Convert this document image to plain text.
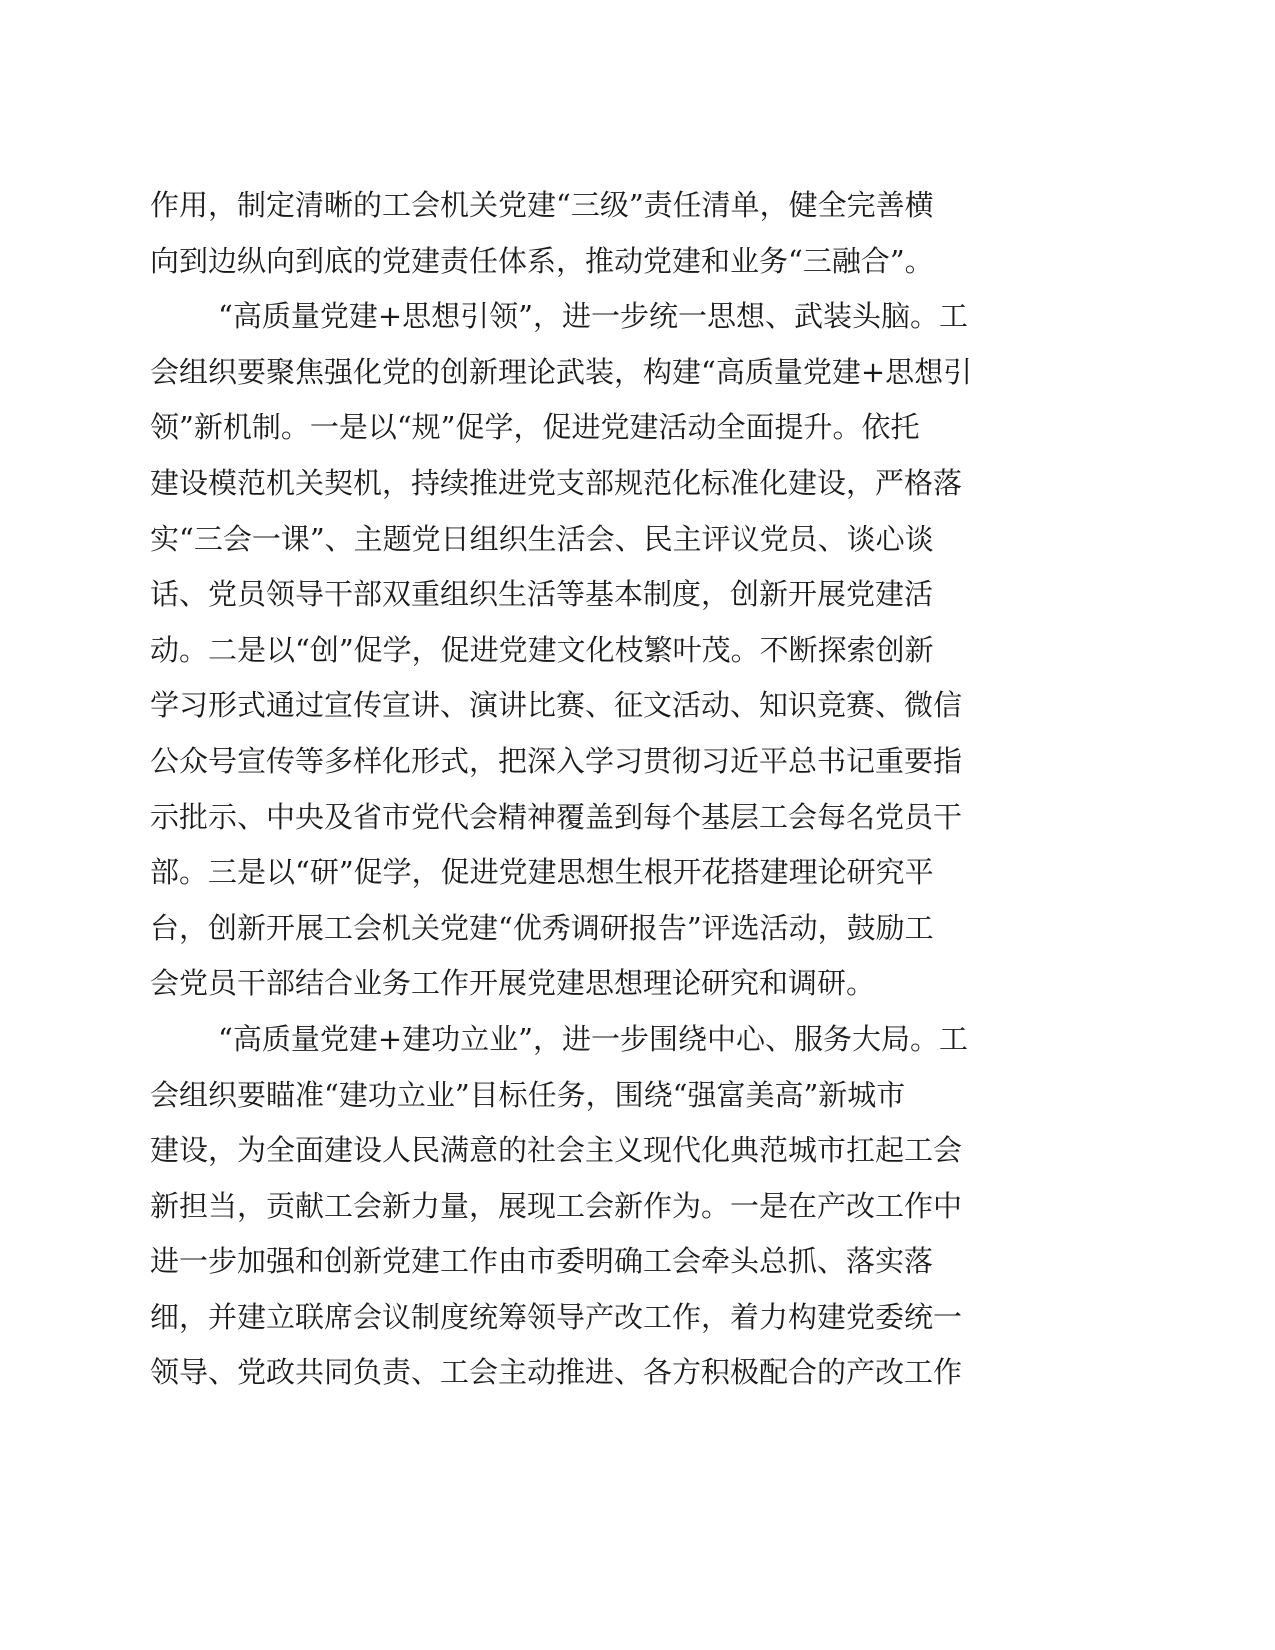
作用，制定清晰的工会机关党建“三级”责任清单，健全完善横
向到边纵向到底的党建责任体系，推动党建和业务“三融合”。
“高质量党建+思想引领”，进一步统一思想、武装头脑。工
会组织要聚焦强化党的创新理论武装，构建“高质量党建+思想引
领”新机制。一是以“规”促学，促进党建活动全面提升。依托
建设模范机关契机，持续推进党支部规范化标准化建设，严格落
实“三会一课”、主题党日组织生活会、民主评议党员、谈心谈
话、党员领导干部双重组织生活等基本制度，创新开展党建活
动。二是以“创”促学，促进党建文化枝繁叶茂。不断探索创新
学习形式通过宣传宣讲、演讲比赛、征文活动、知识竞赛、微信
公众号宣传等多样化形式，把深入学习贯彻习近平总书记重要指
示批示、中央及省市党代会精神覆盖到每个基层工会每名党员干
部。三是以“研”促学，促进党建思想生根开花搭建理论研究平
台，创新开展工会机关党建“优秀调研报告”评选活动，鼓励工
会党员干部结合业务工作开展党建思想理论研究和调研。
“高质量党建+建功立业”，进一步围绕中心、服务大局。工
会组织要瞄准“建功立业”目标任务，围绕“强富美高”新城市
建设，为全面建设人民满意的社会主义现代化典范城市扛起工会
新担当，贡献工会新力量，展现工会新作为。一是在产改工作中
进一步加强和创新党建工作由市委明确工会牵头总抓、落实落
细，并建立联席会议制度统筹领导产改工作，着力构建党委统一
领导、党政共同负责、工会主动推进、各方积极配合的产改工作
